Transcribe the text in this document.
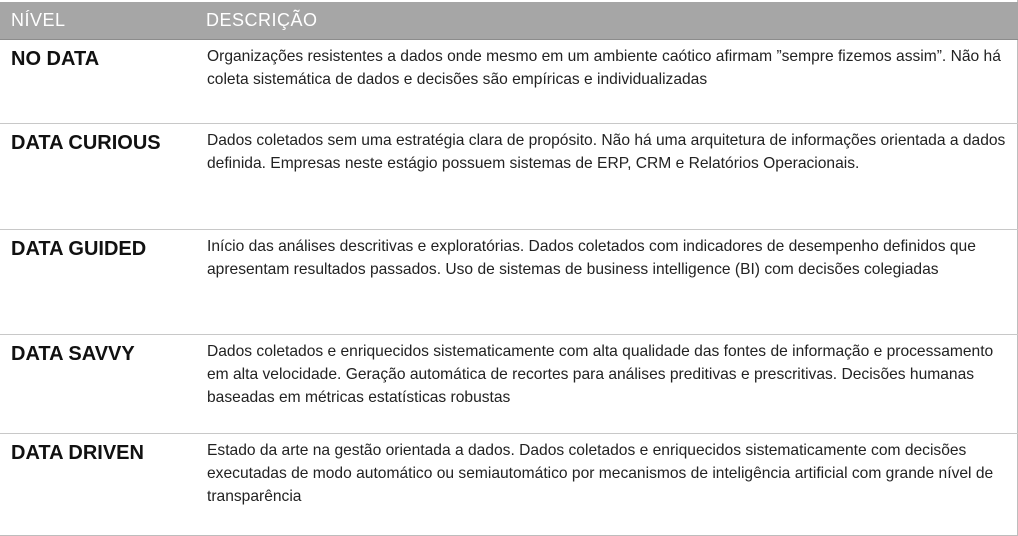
NÍVEL	DESCRIÇÃO
NO DATA	Organizações resistentes a dados onde mesmo em um ambiente caótico afirmam ”sempre fizemos assim”. Não há coleta sistemática de dados e decisões são empíricas e individualizadas
DATA CURIOUS	Dados coletados sem uma estratégia clara de propósito. Não há uma arquitetura de informações orientada a dados definida. Empresas neste estágio possuem sistemas de ERP, CRM e Relatórios Operacionais.
DATA GUIDED	Início das análises descritivas e exploratórias. Dados coletados com indicadores de desempenho definidos que apresentam resultados passados. Uso de sistemas de business intelligence (BI) com decisões colegiadas
DATA SAVVY	Dados coletados e enriquecidos sistematicamente com alta qualidade das fontes de informação e processamento em alta velocidade. Geração automática de recortes para análises preditivas e prescritivas. Decisões humanas baseadas em métricas estatísticas robustas
DATA DRIVEN	Estado da arte na gestão orientada a dados. Dados coletados e enriquecidos sistematicamente com decisões executadas de modo automático ou semiautomático por mecanismos de inteligência artificial com grande nível de transparência
